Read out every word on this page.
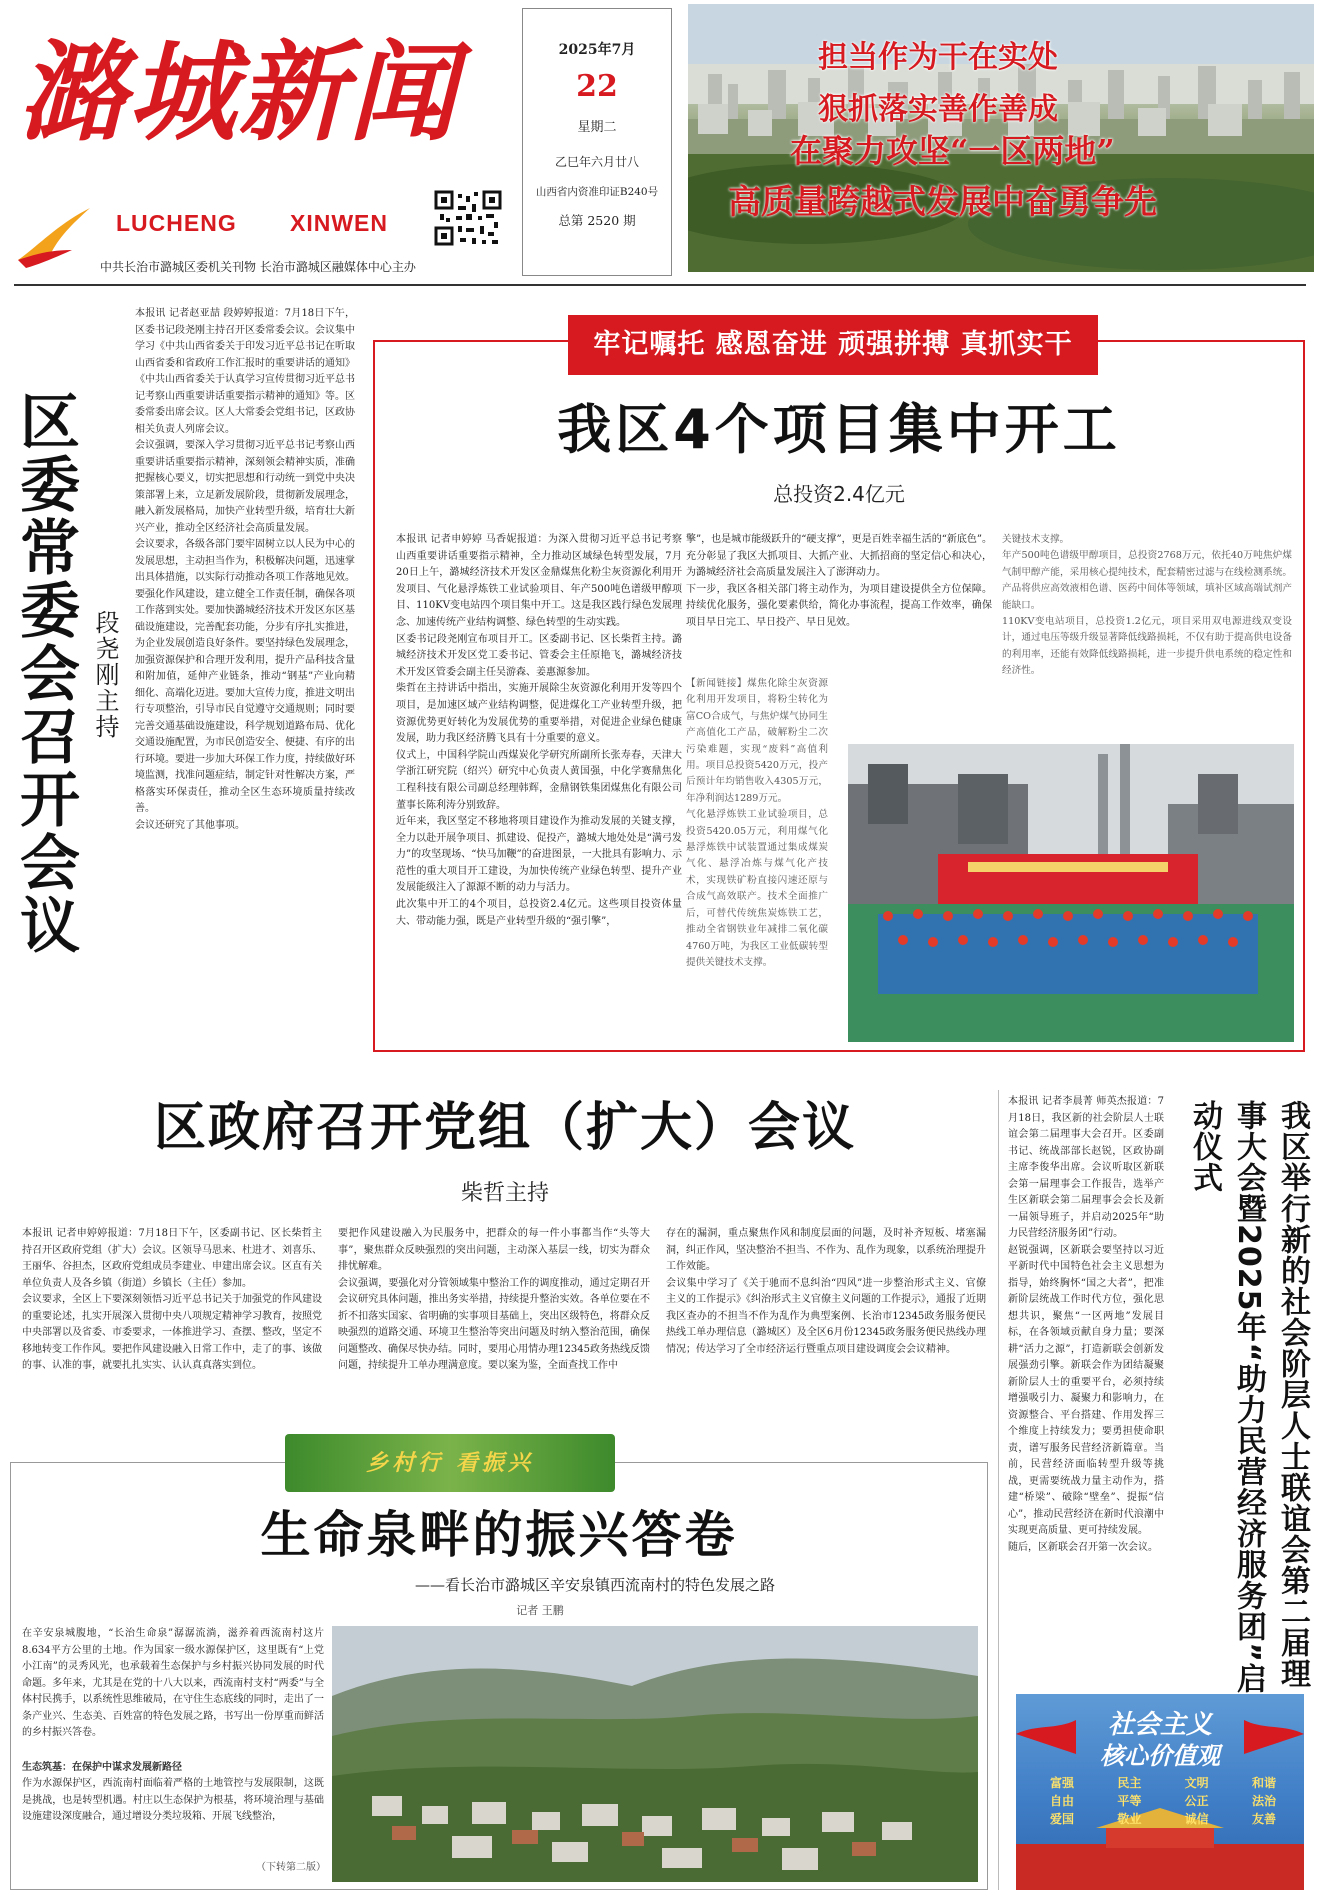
潞城新闻
LUCHENG XINWEN
中共长治市潞城区委机关刊物 长治市潞城区融媒体中心主办
2025年7月
22
星期二
乙巳年六月廿八
山西省内资准印证B240号
总第 2520 期
担当作为干在实处
狠抓落实善作善成
在聚力攻坚“一区两地”
高质量跨越式发展中奋勇争先
区委常委会召开会议 段尧刚主持
本报讯 记者赵亚喆 段婷婷报道：7月18日下午，区委书记段尧刚主持召开区委常委会议。会议集中学习《中共山西省委关于印发习近平总书记在听取山西省委和省政府工作汇报时的重要讲话的通知》《中共山西省委关于认真学习宣传贯彻习近平总书记考察山西重要讲话重要指示精神的通知》等。区委常委出席会议。区人大常委会党组书记，区政协相关负责人列席会议。
会议强调，要深入学习贯彻习近平总书记考察山西重要讲话重要指示精神，深刻领会精神实质，准确把握核心要义，切实把思想和行动统一到党中央决策部署上来，立足新发展阶段，贯彻新发展理念，融入新发展格局，加快产业转型升级，培育壮大新兴产业，推动全区经济社会高质量发展。
会议要求，各级各部门要牢固树立以人民为中心的发展思想，主动担当作为，积极解决问题，迅速掌出具体措施，以实际行动推动各项工作落地见效。要强化作风建设，建立健全工作责任制，确保各项工作落到实处。要加快潞城经济技术开发区东区基础设施建设，完善配套功能，分步有序扎实推进，为企业发展创造良好条件。要坚持绿色发展理念，加强资源保护和合理开发利用，提升产品科技含量和附加值，延伸产业链条，推动“钢基”产业向精细化、高端化迈进。要加大宣传力度，推进文明出行专项整治，引导市民自觉遵守交通规则；同时要完善交通基础设施建设，科学规划道路布局、优化交通设施配置，为市民创造安全、便捷、有序的出行环境。要进一步加大环保工作力度，持续做好环境监测，找准问题症结，制定针对性解决方案，严格落实环保责任，推动全区生态环境质量持续改善。
会议还研究了其他事项。
牢记嘱托 感恩奋进 顽强拼搏 真抓实干
我区4个项目集中开工
总投资2.4亿元
本报讯 记者申婷婷 马香妮报道：为深入贯彻习近平总书记考察山西重要讲话重要指示精神，全力推动区域绿色转型发展，7月20日上午，潞城经济技术开发区金鼎煤焦化粉尘灰资源化利用开发项目、气化悬浮炼铁工业试验项目、年产500吨色谱级甲醇项目、110KV变电站四个项目集中开工。这是我区践行绿色发展理念、加速传统产业结构调整、绿色转型的生动实践。
区委书记段尧刚宣布项目开工。区委副书记、区长柴哲主持。潞城经济技术开发区党工委书记、管委会主任原艳飞，潞城经济技术开发区管委会副主任吴游森、姜惠源参加。
柴哲在主持讲话中指出，实施开展除尘灰资源化利用开发等四个项目，是加速区域产业结构调整，促进煤化工产业转型升级，把资源优势更好转化为发展优势的重要举措，对促进企业绿色健康发展，助力我区经济腾飞具有十分重要的意义。
仪式上，中国科学院山西煤炭化学研究所副所长张寿春，天津大学浙江研究院（绍兴）研究中心负责人黄国强，中化学赛鼎焦化工程科技有限公司副总经理韩辉，金鼎钢铁集团煤焦化有限公司董事长陈利涛分别致辞。
近年来，我区坚定不移地将项目建设作为推动发展的关键支撑，全力以赴开展争项目、抓建设、促投产，潞城大地处处是“满弓发力”的攻坚现场、“快马加鞭”的奋进图景，一大批具有影响力、示范性的重大项目开工建设，为加快传统产业绿色转型、提升产业发展能级注入了源源不断的动力与活力。
此次集中开工的4个项目，总投资2.4亿元。这些项目投资体量大、带动能力强，既是产业转型升级的“强引擎”，
擎”，也是城市能级跃升的“硬支撑”，更是百姓幸福生活的“新底色”。充分彰显了我区大抓项目、大抓产业、大抓招商的坚定信心和决心，为潞城经济社会高质量发展注入了澎湃动力。
下一步，我区各相关部门将主动作为，为项目建设提供全方位保障。持续优化服务，强化要素供给，简化办事流程，提高工作效率，确保项目早日完工、早日投产、早日见效。
【新闻链接】煤焦化除尘灰资源化利用开发项目，将粉尘转化为富CO合成气，与焦炉煤气协同生产高值化工产品，破解粉尘二次污染难题，实现“废料”高值利用。项目总投资5420万元，投产后预计年均销售收入4305万元，年净利润达1289万元。
气化悬浮炼铁工业试验项目，总投资5420.05万元，利用煤气化悬浮炼铁中试装置通过集成煤炭气化、悬浮冶炼与煤气化产技术，实现铁矿粉直接闪速还原与合成气高效联产。技术全面推广后，可替代传统焦炭炼铁工艺，推动全省钢铁业年减排二氧化碳4760万吨，为我区工业低碳转型提供关键技术支撑。
关键技术支撑。
年产500吨色谱级甲醇项目，总投资2768万元，依托40万吨焦炉煤气制甲醇产能，采用核心提纯技术，配套精密过滤与在线检测系统。产品将供应高效液相色谱、医药中间体等领域，填补区域高端试剂产能缺口。
110KV变电站项目，总投资1.2亿元，项目采用双电源进线双变设计，通过电压等级升级显著降低线路损耗，不仅有助于提高供电设备的利用率，还能有效降低线路损耗，进一步提升供电系统的稳定性和经济性。
区政府召开党组（扩大）会议
柴哲主持
本报讯 记者申婷婷报道：7月18日下午，区委副书记、区长柴哲主持召开区政府党组（扩大）会议。区领导马思来、杜进才、刘喜乐、王丽华、谷担杰，区政府党组成员李建业、申建出席会议。区直有关单位负责人及各乡镇（街道）乡镇长（主任）参加。
会议要求，全区上下要深刻领悟习近平总书记关于加强党的作风建设的重要论述，扎实开展深入贯彻中央八项规定精神学习教育，按照党中央部署以及省委、市委要求，一体推进学习、查摆、整改，坚定不移地转变工作作风。要把作风建设融入日常工作中，走了的事、该做的事、认准的事，就要扎扎实实、认认真真落实到位。
要把作风建设融入为民服务中，把群众的每一件小事都当作“头等大事”，聚焦群众反映强烈的突出问题，主动深入基层一线，切实为群众排忧解难。
会议强调，要强化对分管领域集中整治工作的调度推动，通过定期召开会议研究具体问题，推出务实举措，持续提升整治实效。各单位要在不折不扣落实国家、省明确的实事项目基础上，突出区级特色，将群众反映强烈的道路交通、环境卫生整治等突出问题及时纳入整治范围，确保问题整改、确保尽快办结。同时，要用心用情办理12345政务热线反馈问题，持续提升工单办理满意度。要以案为鉴，全面查找工作中
存在的漏洞，重点聚焦作风和制度层面的问题，及时补齐短板、堵塞漏洞，纠正作风，坚决整治不担当、不作为、乱作为现象，以系统治理提升工作效能。
会议集中学习了《关于驰而不息纠治“四风”进一步整治形式主义、官僚主义的工作提示》《纠治形式主义官僚主义问题的工作提示》，通报了近期我区查办的不担当不作为乱作为典型案例、长治市12345政务服务便民热线工单办理信息（潞城区）及全区6月份12345政务服务便民热线办理情况；传达学习了全市经济运行暨重点项目建设调度会会议精神。
乡村行 看振兴
生命泉畔的振兴答卷
——看长治市潞城区辛安泉镇西流南村的特色发展之路
记者 王鹏
在辛安泉城腹地，“长治生命泉”潺潺流淌，滋养着西流南村这片8.634平方公里的土地。作为国家一级水源保护区，这里既有“上党小江南”的灵秀风光，也承载着生态保护与乡村振兴协同发展的时代命题。多年来，尤其是在党的十八大以来，西流南村支村“两委”与全体村民携手，以系统性思维破局，在守住生态底线的同时，走出了一条产业兴、生态美、百姓富的特色发展之路，书写出一份厚重而鲜活的乡村振兴答卷。
生态筑基：在保护中谋求发展新路径
作为水源保护区，西流南村面临着严格的土地管控与发展限制，这既是挑战，也是转型机遇。村庄以生态保护为根基，将环境治理与基础设施建设深度融合，通过增设分类垃圾箱、开展飞线整治，
（下转第二版）
本报讯 记者李晨菁 师英杰报道：7月18日，我区新的社会阶层人士联谊会第二届理事大会召开。区委副书记、统战部部长赵锐，区政协副主席李俊华出席。会议听取区新联会第一届理事会工作报告，选举产生区新联会第二届理事会会长及新一届领导班子，并启动2025年“助力民营经济服务团”行动。
赵锐强调，区新联会要坚持以习近平新时代中国特色社会主义思想为指导，始终胸怀“国之大者”，把准新阶层统战工作时代方位，强化思想共识，聚焦“一区两地”发展目标，在各领域贡献自身力量；要深耕“活力之源”，打造新联会创新发展强劲引擎。新联会作为团结凝聚新阶层人士的重要平台，必须持续增强吸引力、凝聚力和影响力，在资源整合、平台搭建、作用发挥三个维度上持续发力；要勇担使命职责，谱写服务民营经济新篇章。当前，民营经济面临转型升级等挑战，更需要统战力量主动作为，搭建“桥梁”、破除“壁垒”、提振“信心”，推动民营经济在新时代浪潮中实现更高质量、更可持续发展。
随后，区新联会召开第一次会议。	我区举行新的社会阶层人士联谊会第二届理事大会暨2025年“助力民营经济服务团”启动仪式
社会主义
核心价值观
富强	民主	文明	和谐
自由	平等	公正	法治
爱国	敬业	诚信	友善
